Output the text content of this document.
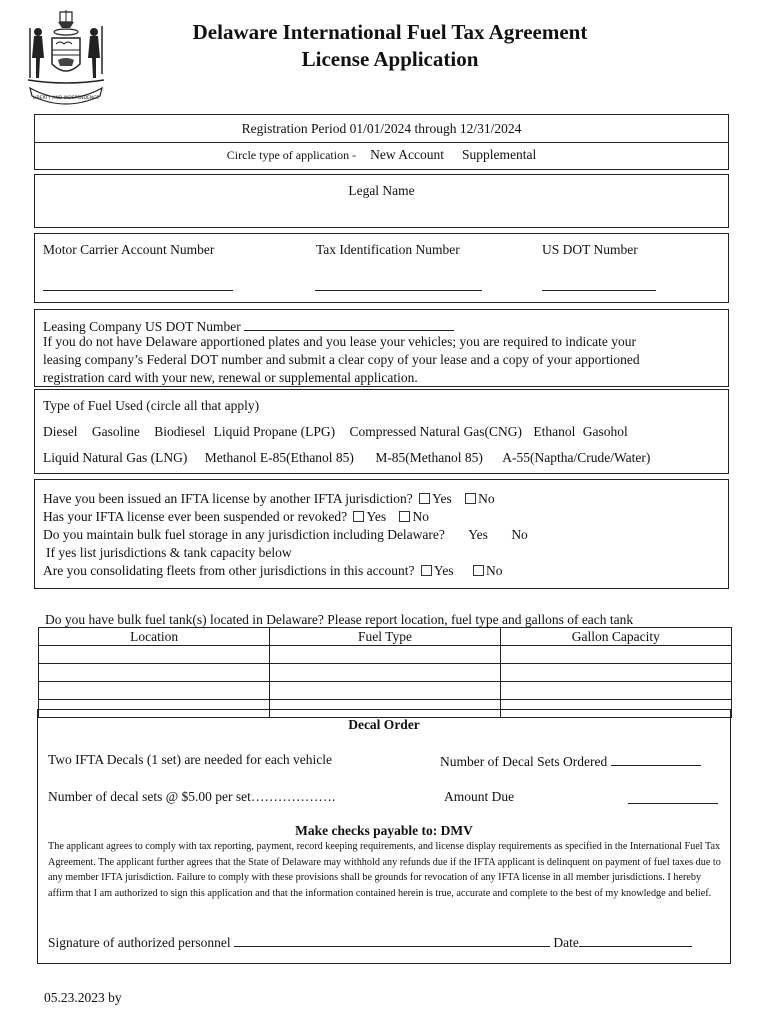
LIBERTY AND INDEPENDENCE
Delaware International Fuel Tax Agreement
License Application
Registration Period 01/01/2024 through 12/31/2024
Circle type of application - New Account Supplemental
Legal Name
Motor Carrier Account Number	Tax Identification Number	US DOT Number
Leasing Company US DOT Number
If you do not have Delaware apportioned plates and you lease your vehicles; you are required to indicate your
leasing company’s Federal DOT number and submit a clear copy of your lease and a copy of your apportioned
registration card with your new, renewal or supplemental application.
Type of Fuel Used (circle all that apply)
Diesel Gasoline Biodiesel Liquid Propane (LPG) Compressed Natural Gas(CNG) Ethanol Gasohol
Liquid Natural Gas (LNG) Methanol E-85(Ethanol 85) M-85(Methanol 85) A-55(Naptha/Crude/Water)
Have you been issued an IFTA license by another IFTA jurisdiction? Yes No
Has your IFTA license ever been suspended or revoked? Yes No
Do you maintain bulk fuel storage in any jurisdiction including Delaware? Yes No
If yes list jurisdictions & tank capacity below
Are you consolidating fleets from other jurisdictions in this account? Yes No
Do you have bulk fuel tank(s) located in Delaware? Please report location, fuel type and gallons of each tank
Location	Fuel Type	Gallon Capacity

Decal Order
Two IFTA Decals (1 set) are needed for each vehicle	Number of Decal Sets Ordered
Number of decal sets @ $5.00 per set……………….	Amount Due
Make checks payable to: DMV
The applicant agrees to comply with tax reporting, payment, record keeping requirements, and license display requirements as specified in the International Fuel Tax Agreement. The applicant further agrees that the State of Delaware may withhold any refunds due if the IFTA applicant is delinquent on payment of fuel taxes due to any member IFTA jurisdiction. Failure to comply with these provisions shall be grounds for revocation of any IFTA license in all member jurisdictions. I hereby affirm that I am authorized to sign this application and that the information contained herein is true, accurate and complete to the best of my knowledge and belief.
Signature of authorized personnel	Date
05.23.2023 by
